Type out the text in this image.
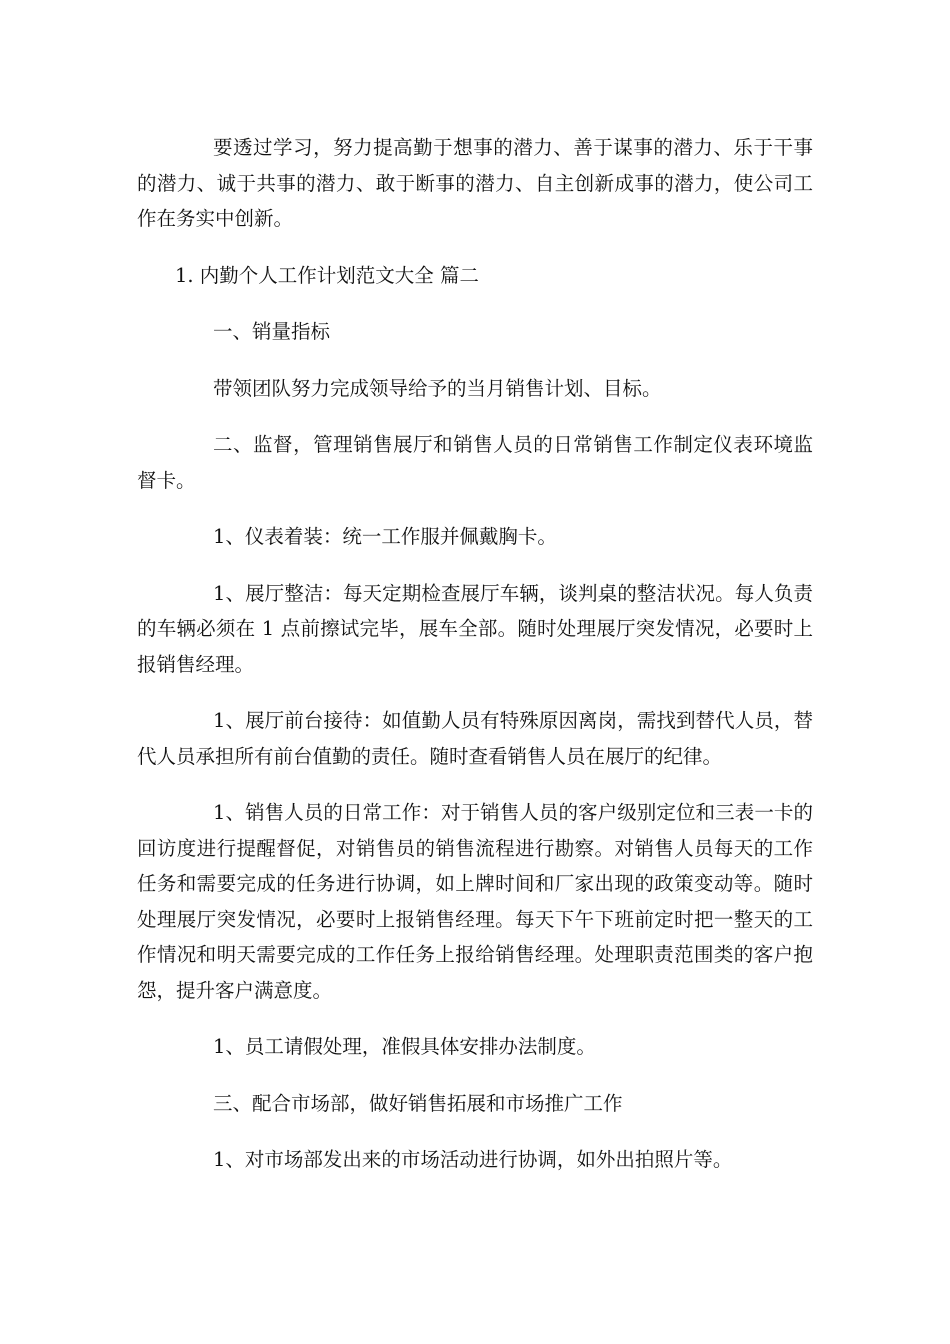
要透过学习，努力提高勤于想事的潜力、善于谋事的潜力、乐于干事的潜力、诚于共事的潜力、敢于断事的潜力、自主创新成事的潜力，使公司工作在务实中创新。

1. 内勤个人工作计划范文大全 篇二

一、销量指标

带领团队努力完成领导给予的当月销售计划、目标。

二、监督，管理销售展厅和销售人员的日常销售工作制定仪表环境监督卡。

1、仪表着装：统一工作服并佩戴胸卡。

1、展厅整洁：每天定期检查展厅车辆，谈判桌的整洁状况。每人负责的车辆必须在 1 点前擦试完毕，展车全部。随时处理展厅突发情况，必要时上报销售经理。

1、展厅前台接待：如值勤人员有特殊原因离岗，需找到替代人员，替代人员承担所有前台值勤的责任。随时查看销售人员在展厅的纪律。

1、销售人员的日常工作：对于销售人员的客户级别定位和三表一卡的回访度进行提醒督促，对销售员的销售流程进行勘察。对销售人员每天的工作任务和需要完成的任务进行协调，如上牌时间和厂家出现的政策变动等。随时处理展厅突发情况，必要时上报销售经理。每天下午下班前定时把一整天的工作情况和明天需要完成的工作任务上报给销售经理。处理职责范围类的客户抱怨，提升客户满意度。

1、员工请假处理，准假具体安排办法制度。

三、配合市场部，做好销售拓展和市场推广工作

1、对市场部发出来的市场活动进行协调，如外出拍照片等。
